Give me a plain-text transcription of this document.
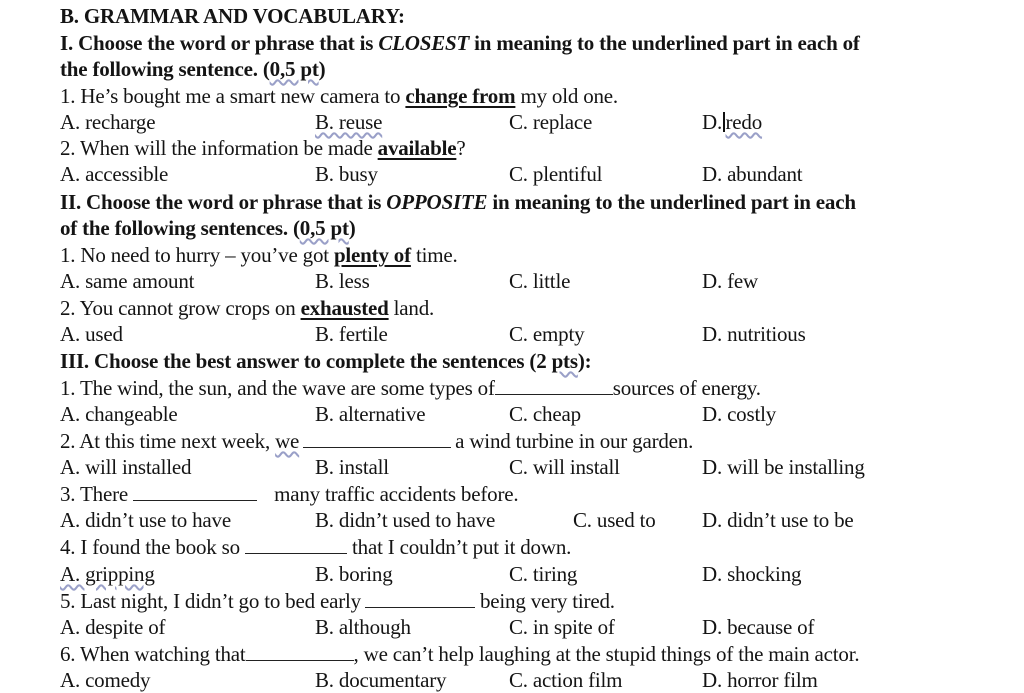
B. GRAMMAR AND VOCABULARY:
I. Choose the word or phrase that is CLOSEST in meaning to the underlined part in each of
the following sentence. (0,5 pt)
1. He’s bought me a smart new camera to change from my old one.
A. recharge	B. reuse	C. replace	D. redo
2. When will the information be made available?
A. accessible	B. busy	C. plentiful	D. abundant
II. Choose the word or phrase that is OPPOSITE in meaning to the underlined part in each
of the following sentences. (0,5 pt)
1. No need to hurry – you’ve got plenty of time.
A. same amount	B. less	C. little	D. few
2. You cannot grow crops on exhausted land.
A. used	B. fertile	C. empty	D. nutritious
III. Choose the best answer to complete the sentences (2 pts):
1. The wind, the sun, and the wave are some types of	sources of energy.
A. changeable	B. alternative	C. cheap	D. costly
2. At this time next week, we	a wind turbine in our garden.
A. will installed	B. install	C. will install	D. will be installing
3. There	many traffic accidents before.
A. didn’t use to have	B. didn’t used to have	C. used to D. didn’t use to be
4. I found the book so	that I couldn’t put it down.
A. gripping	B. boring	C. tiring	D. shocking
5. Last night, I didn’t go to bed early	being very tired.
A. despite of	B. although	C. in spite of	D. because of
6. When watching that	, we can’t help laughing at the stupid things of the main actor.
A. comedy	B. documentary	C. action film	D. horror film
